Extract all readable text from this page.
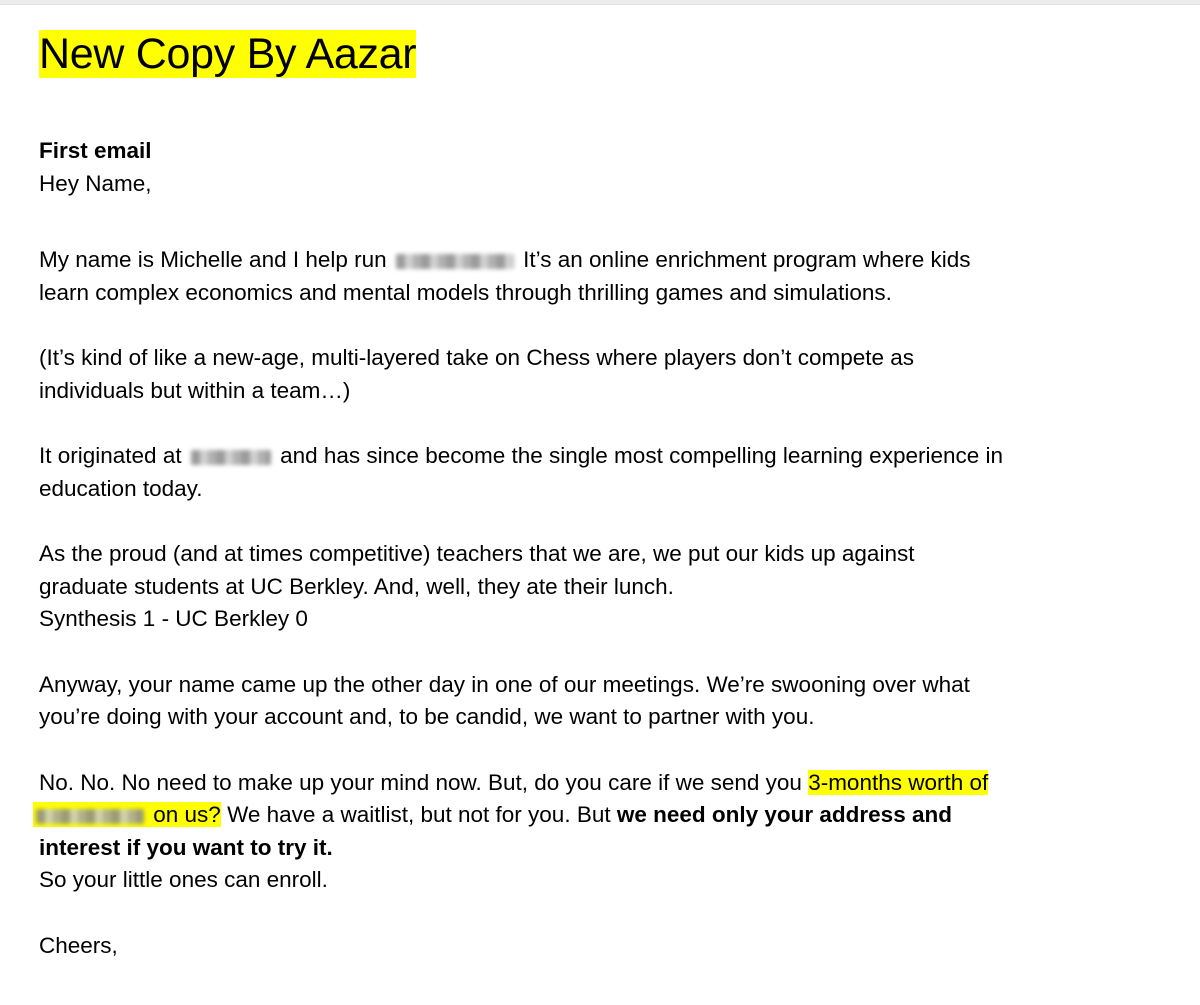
New Copy By Aazar

First email

Hey Name,

My name is Michelle and I help run	It’s an online enrichment program where kids
learn complex economics and mental models through thrilling games and simulations.

(It’s kind of like a new-age, multi-layered take on Chess where players don’t compete as
individuals but within a team…)

It originated at	and has since become the single most compelling learning experience in
education today.

As the proud (and at times competitive) teachers that we are, we put our kids up against
graduate students at UC Berkley. And, well, they ate their lunch.
Synthesis 1 - UC Berkley 0

Anyway, your name came up the other day in one of our meetings. We’re swooning over what
you’re doing with your account and, to be candid, we want to partner with you.

No. No. No need to make up your mind now. But, do you care if we send you 3-months worth of
on us? We have a waitlist, but not for you. But we need only your address and
interest if you want to try it.
So your little ones can enroll.

Cheers,
